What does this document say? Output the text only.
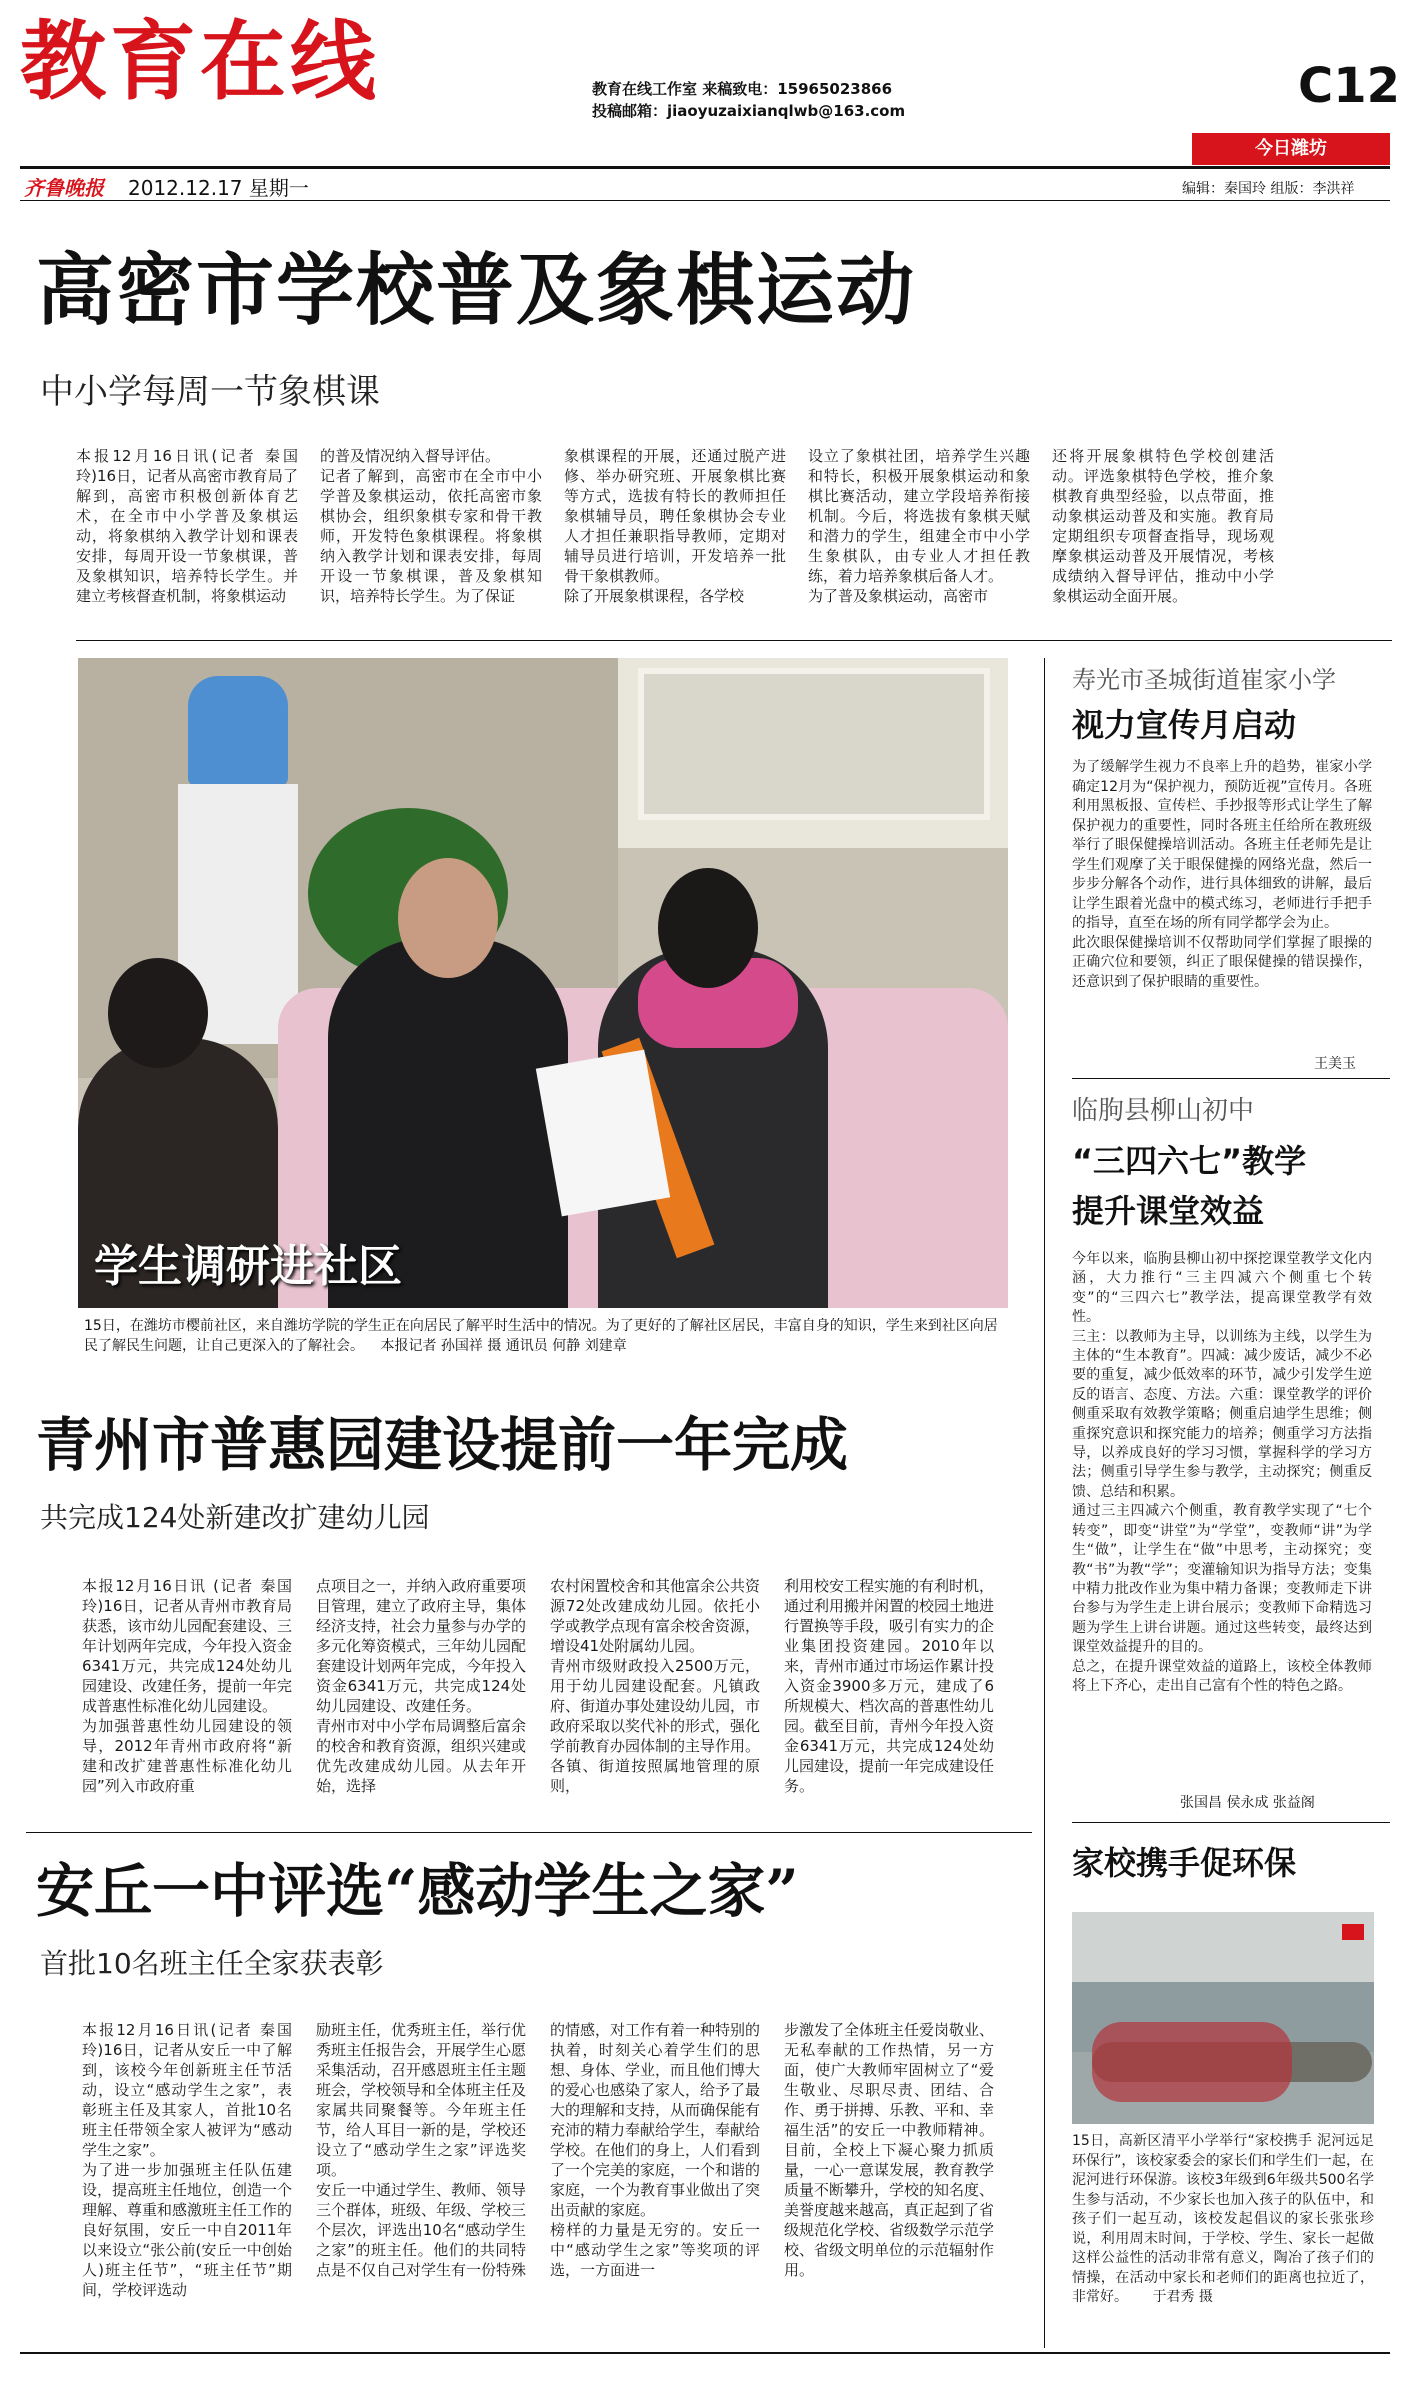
教育在线	教育在线工作室 来稿致电：15965023866
投稿邮箱：jiaoyuzaixianqlwb@163.com	C12
今日潍坊
齐鲁晚报 2012.12.17 星期一	编辑：秦国玲 组版：李洪祥
高密市学校普及象棋运动
中小学每周一节象棋课
本报12月16日讯(记者 秦国玲)16日，记者从高密市教育局了解到，高密市积极创新体育艺术，在全市中小学普及象棋运动，将象棋纳入教学计划和课表安排，每周开设一节象棋课，普及象棋知识，培养特长学生。并建立考核督查机制，将象棋运动
的普及情况纳入督导评估。
记者了解到，高密市在全市中小学普及象棋运动，依托高密市象棋协会，组织象棋专家和骨干教师，开发特色象棋课程。将象棋纳入教学计划和课表安排，每周开设一节象棋课，普及象棋知识，培养特长学生。为了保证
象棋课程的开展，还通过脱产进修、举办研究班、开展象棋比赛等方式，选拔有特长的教师担任象棋辅导员，聘任象棋协会专业人才担任兼职指导教师，定期对辅导员进行培训，开发培养一批骨干象棋教师。
除了开展象棋课程，各学校
设立了象棋社团，培养学生兴趣和特长，积极开展象棋运动和象棋比赛活动，建立学段培养衔接机制。今后，将选拔有象棋天赋和潜力的学生，组建全市中小学生象棋队，由专业人才担任教练，着力培养象棋后备人才。
为了普及象棋运动，高密市
还将开展象棋特色学校创建活动。评选象棋特色学校，推介象棋教育典型经验，以点带面，推动象棋运动普及和实施。教育局定期组织专项督查指导，现场观摩象棋运动普及开展情况，考核成绩纳入督导评估，推动中小学象棋运动全面开展。
学生调研进社区
15日，在潍坊市樱前社区，来自潍坊学院的学生正在向居民了解平时生活中的情况。为了更好的了解社区居民，丰富自身的知识，学生来到社区向居民了解民生问题，让自己更深入的了解社会。 本报记者 孙国祥 摄 通讯员 何静 刘建章
寿光市圣城街道崔家小学
视力宣传月启动
为了缓解学生视力不良率上升的趋势，崔家小学确定12月为“保护视力，预防近视”宣传月。各班利用黑板报、宣传栏、手抄报等形式让学生了解保护视力的重要性，同时各班主任给所在教班级举行了眼保健操培训活动。各班主任老师先是让学生们观摩了关于眼保健操的网络光盘，然后一步步分解各个动作，进行具体细致的讲解，最后让学生跟着光盘中的模式练习，老师进行手把手的指导，直至在场的所有同学都学会为止。
此次眼保健操培训不仅帮助同学们掌握了眼操的正确穴位和要领，纠正了眼保健操的错误操作，还意识到了保护眼睛的重要性。
王美玉
临朐县柳山初中
“三四六七”教学
提升课堂效益
今年以来，临朐县柳山初中探挖课堂教学文化内涵，大力推行“三主四减六个侧重七个转变”的“三四六七”教学法，提高课堂教学有效性。
三主：以教师为主导，以训练为主线，以学生为主体的“生本教育”。四减：减少废话，减少不必要的重复，减少低效率的环节，减少引发学生逆反的语言、态度、方法。六重：课堂教学的评价侧重采取有效教学策略；侧重启迪学生思维；侧重探究意识和探究能力的培养；侧重学习方法指导，以养成良好的学习习惯，掌握科学的学习方法；侧重引导学生参与教学，主动探究；侧重反馈、总结和积累。
通过三主四减六个侧重，教育教学实现了“七个转变”，即变“讲堂”为“学堂”，变教师“讲”为学生“做”，让学生在“做”中思考，主动探究；变教“书”为教“学”；变灌输知识为指导方法；变集中精力批改作业为集中精力备课；变教师走下讲台参与为学生走上讲台展示；变教师下命精选习题为学生上讲台讲题。通过这些转变，最终达到课堂效益提升的目的。
总之，在提升课堂效益的道路上，该校全体教师将上下齐心，走出自己富有个性的特色之路。
张国昌 侯永成 张益阁
青州市普惠园建设提前一年完成
共完成124处新建改扩建幼儿园
本报12月16日讯 (记者 秦国玲)16日，记者从青州市教育局获悉，该市幼儿园配套建设、三年计划两年完成，今年投入资金6341万元，共完成124处幼儿园建设、改建任务，提前一年完成普惠性标准化幼儿园建设。
为加强普惠性幼儿园建设的领导，2012年青州市政府将“新建和改扩建普惠性标准化幼儿园”列入市政府重
点项目之一，并纳入政府重要项目管理，建立了政府主导，集体经济支持，社会力量参与办学的多元化筹资模式，三年幼儿园配套建设计划两年完成，今年投入资金6341万元，共完成124处幼儿园建设、改建任务。
青州市对中小学布局调整后富余的校舍和教育资源，组织兴建或优先改建成幼儿园。从去年开始，选择
农村闲置校舍和其他富余公共资源72处改建成幼儿园。依托小学或教学点现有富余校舍资源，增设41处附属幼儿园。
青州市级财政投入2500万元，用于幼儿园建设配套。凡镇政府、街道办事处建设幼儿园，市政府采取以奖代补的形式，强化学前教育办园体制的主导作用。各镇、街道按照属地管理的原则，
利用校安工程实施的有利时机，通过利用搬并闲置的校园土地进行置换等手段，吸引有实力的企业集团投资建园。2010年以来，青州市通过市场运作累计投入资金3900多万元，建成了6所规模大、档次高的普惠性幼儿园。截至目前，青州今年投入资金6341万元，共完成124处幼儿园建设，提前一年完成建设任务。
安丘一中评选“感动学生之家”
首批10名班主任全家获表彰
本报12月16日讯(记者 秦国玲)16日，记者从安丘一中了解到，该校今年创新班主任节活动，设立“感动学生之家”，表彰班主任及其家人，首批10名班主任带领全家人被评为“感动学生之家”。
为了进一步加强班主任队伍建设，提高班主任地位，创造一个理解、尊重和感激班主任工作的良好氛围，安丘一中自2011年以来设立“张公前(安丘一中创始人)班主任节”，“班主任节”期间，学校评选动
励班主任，优秀班主任，举行优秀班主任报告会，开展学生心愿采集活动，召开感恩班主任主题班会，学校领导和全体班主任及家属共同聚餐等。今年班主任节，给人耳目一新的是，学校还设立了“感动学生之家”评选奖项。
安丘一中通过学生、教师、领导三个群体，班级、年级、学校三个层次，评选出10名“感动学生之家”的班主任。他们的共同特点是不仅自己对学生有一份特殊
的情感，对工作有着一种特别的执着，时刻关心着学生们的思想、身体、学业，而且他们博大的爱心也感染了家人，给予了最大的理解和支持，从而确保能有充沛的精力奉献给学生，奉献给学校。在他们的身上，人们看到了一个完美的家庭，一个和谐的家庭，一个为教育事业做出了突出贡献的家庭。
榜样的力量是无穷的。安丘一中“感动学生之家”等奖项的评选，一方面进一
步激发了全体班主任爱岗敬业、无私奉献的工作热情，另一方面，使广大教师牢固树立了“爱生敬业、尽职尽责、团结、合作、勇于拼搏、乐教、平和、幸福生活”的安丘一中教师精神。目前，全校上下凝心聚力抓质量，一心一意谋发展，教育教学质量不断攀升，学校的知名度、美誉度越来越高，真正起到了省级规范化学校、省级数学示范学校、省级文明单位的示范辐射作用。
家校携手促环保
15日，高新区清平小学举行“家校携手 泥河远足环保行”，该校家委会的家长们和学生们一起，在泥河进行环保游。该校3年级到6年级共500名学生参与活动，不少家长也加入孩子的队伍中，和孩子们一起互动，该校发起倡议的家长张张珍说，利用周末时间，于学校、学生、家长一起做这样公益性的活动非常有意义，陶冶了孩子们的情操，在活动中家长和老师们的距离也拉近了，非常好。 于君秀 摄
